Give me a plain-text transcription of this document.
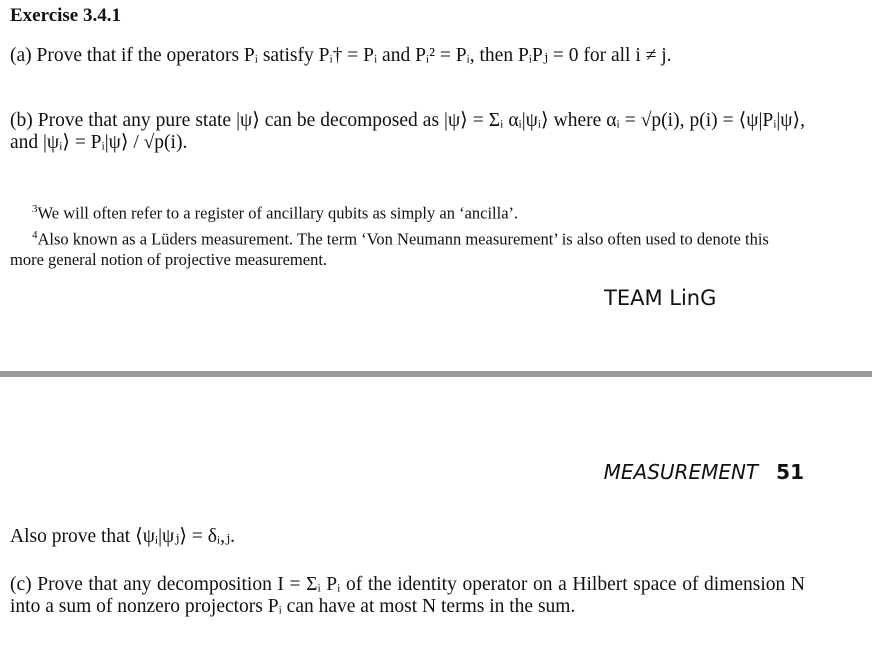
Exercise 3.4.1
(a) Prove that if the operators Pᵢ satisfy Pᵢ† = Pᵢ and Pᵢ² = Pᵢ, then PᵢPⱼ = 0 for all i ≠ j.
(b) Prove that any pure state |ψ⟩ can be decomposed as |ψ⟩ = Σᵢ αᵢ|ψᵢ⟩ where αᵢ = √p(i), p(i) = ⟨ψ|Pᵢ|ψ⟩, and |ψᵢ⟩ = Pᵢ|ψ⟩ / √p(i).
$^3$We will often refer to a register of ancillary qubits as simply an ‘ancilla’.
$^4$Also known as a Lüders measurement. The term ‘Von Neumann measurement’ is also often used to denote this more general notion of projective measurement.
TEAM LinG
MEASUREMENT 51
Also prove that ⟨ψᵢ|ψⱼ⟩ = δᵢ,ⱼ.
(c) Prove that any decomposition I = Σᵢ Pᵢ of the identity operator on a Hilbert space of dimension N into a sum of nonzero projectors Pᵢ can have at most N terms in the sum.
